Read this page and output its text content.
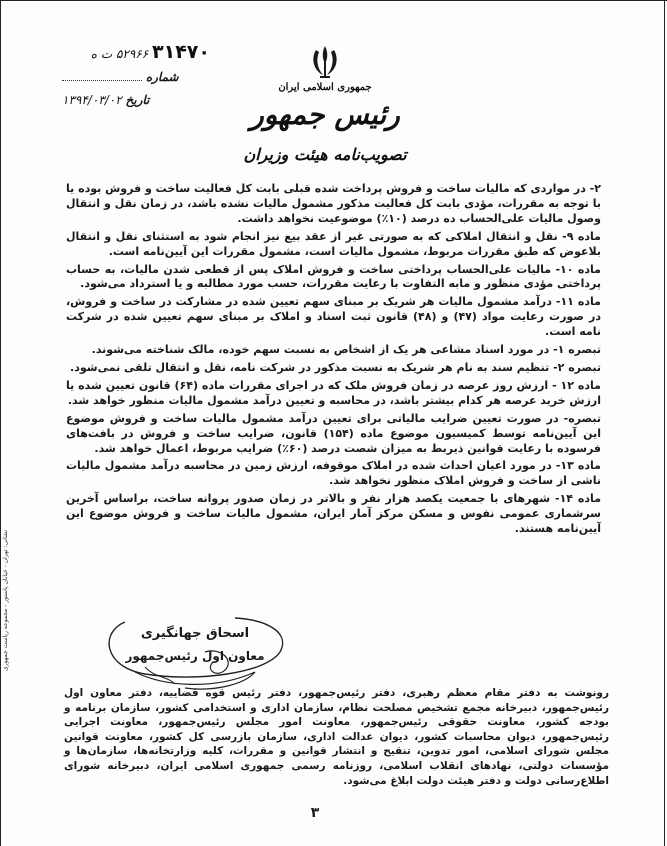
۳۱۴۷۰ ۵۲۹۶۶ ت ه
شماره
تاریخ ۱۳۹۴/۰۳/۰۲
جمهوری اسلامی ایران
رئیس جمهور
تصویب‌نامه هیئت وزیران

۲- در مواردی که مالیات ساخت و فروش پرداخت شده قبلی بابت کل فعالیت ساخت و فروش بوده یا با توجه به مقررات، مؤدی بابت کل فعالیت مذکور مشمول مالیات نشده باشد، در زمان نقل و انتقال وصول مالیات علی‌الحساب ده درصد (۱۰٪) موضوعیت نخواهد داشت.

ماده ۹- نقل و انتقال املاکی که به صورتی غیر از عقد بیع نیز انجام شود به استثنای نقل و انتقال بلاعوض که طبق مقررات مربوط، مشمول مالیات است، مشمول مقررات این آیین‌نامه است.

ماده ۱۰- مالیات علی‌الحساب پرداختی ساخت و فروش املاک پس از قطعی شدن مالیات، به حساب پرداختی مؤدی منظور و مابه التفاوت با رعایت مقررات، حسب مورد مطالبه و یا استرداد می‌شود.

ماده ۱۱- درآمد مشمول مالیات هر شریک بر مبنای سهم تعیین شده در مشارکت در ساخت و فروش، در صورت رعایت مواد (۴۷) و (۴۸) قانون ثبت اسناد و املاک بر مبنای سهم تعیین شده در شرکت نامه است.

تبصره ۱- در مورد اسناد مشاعی هر یک از اشخاص به نسبت سهم خوده، مالک شناخته می‌شوند.

تبصره ۲- تنظیم سند به نام هر شریک به نسبت مذکور در شرکت نامه، نقل و انتقال تلقی نمی‌شود.

ماده ۱۲ - ارزش روز عرصه در زمان فروش ملک که در اجرای مقررات ماده (۶۴) قانون تعیین شده یا ارزش خرید عرصه هر کدام بیشتر باشد، در محاسبه و تعیین درآمد مشمول مالیات منظور خواهد شد.

تبصره- در صورت تعیین ضرایب مالیاتی برای تعیین درآمد مشمول مالیات ساخت و فروش موضوع این آیین‌نامه توسط کمیسیون موضوع ماده (۱۵۴) قانون، ضرایب ساخت و فروش در بافت‌های فرسوده با رعایت قوانین ذیربط به میزان شصت درصد (۶۰٪) ضرایب مربوط، اعمال خواهد شد.

ماده ۱۳- در مورد اعیان احداث شده در املاک موقوفه، ارزش زمین در محاسبه درآمد مشمول مالیات ناشی از ساخت و فروش املاک منظور نخواهد شد.

ماده ۱۴- شهرهای با جمعیت یکصد هزار نفر و بالاتر در زمان صدور پروانه ساخت، براساس آخرین سرشماری عمومی نفوس و مسکن مرکز آمار ایران، مشمول مالیات ساخت و فروش موضوع این آیین‌نامه هستند.

اسحاق جهانگیری
معاون اول رئیس‌جمهور
رونوشت به دفتر مقام معظم رهبری، دفتر رئیس‌جمهور، دفتر رئیس قوه قضاییه، دفتر معاون اول رئیس‌جمهور، دبیرخانه مجمع تشخیص مصلحت نظام، سازمان اداری و استخدامی کشور، سازمان برنامه و بودجه کشور، معاونت حقوقی رئیس‌جمهور، معاونت امور مجلس رئیس‌جمهور، معاونت اجرایی رئیس‌جمهور، دیوان محاسبات کشور، دیوان عدالت اداری، سازمان بازرسی کل کشور، معاونت قوانین مجلس شورای اسلامی، امور تدوین، تنقیح و انتشار قوانین و مقررات، کلیه وزارتخانه‌ها، سازمان‌ها و مؤسسات دولتی، نهادهای انقلاب اسلامی، روزنامه رسمی جمهوری اسلامی ایران، دبیرخانه شورای اطلاع‌رسانی دولت و دفتر هیئت دولت ابلاغ می‌شود.
نشانی: تهران - خیابان پاستور - مجموعه ریاست جمهوری
۳
